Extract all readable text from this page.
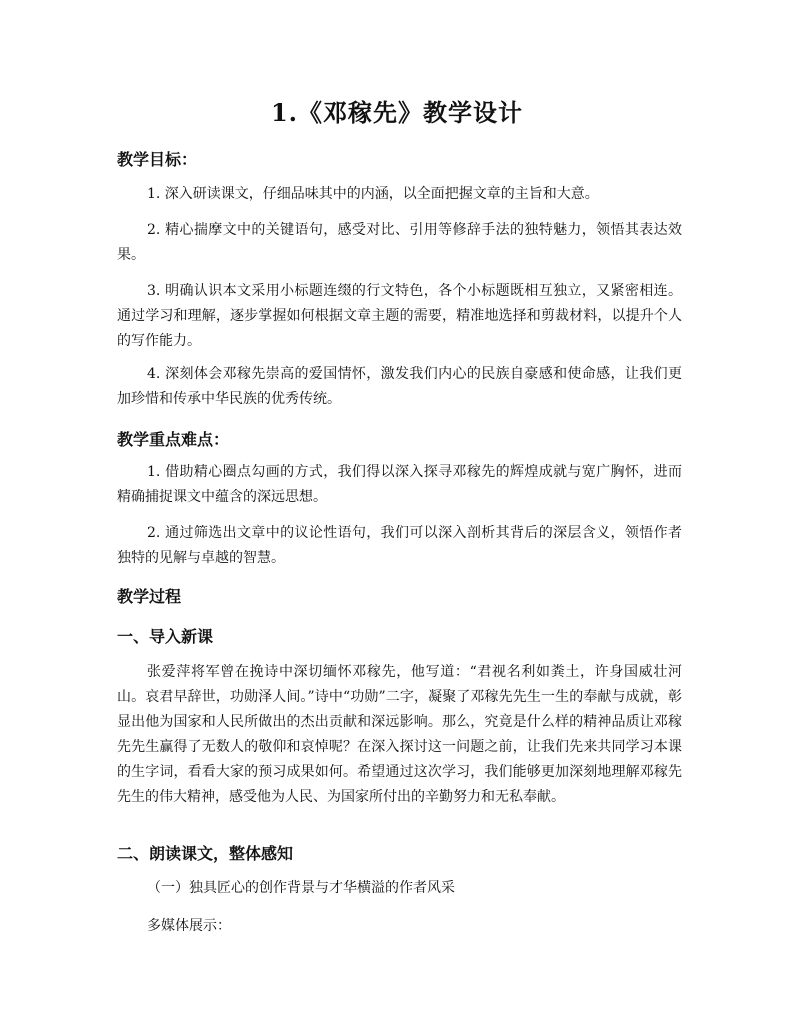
1.《邓稼先》教学设计
教学目标：

1. 深入研读课文，仔细品味其中的内涵，以全面把握文章的主旨和大意。

2. 精心揣摩文中的关键语句，感受对比、引用等修辞手法的独特魅力，领悟其表达效果。

3. 明确认识本文采用小标题连缀的行文特色，各个小标题既相互独立，又紧密相连。通过学习和理解，逐步掌握如何根据文章主题的需要，精准地选择和剪裁材料，以提升个人的写作能力。

4. 深刻体会邓稼先崇高的爱国情怀，激发我们内心的民族自豪感和使命感，让我们更加珍惜和传承中华民族的优秀传统。

教学重点难点：

1. 借助精心圈点勾画的方式，我们得以深入探寻邓稼先的辉煌成就与宽广胸怀，进而精确捕捉课文中蕴含的深远思想。

2. 通过筛选出文章中的议论性语句，我们可以深入剖析其背后的深层含义，领悟作者独特的见解与卓越的智慧。

教学过程
一、导入新课

张爱萍将军曾在挽诗中深切缅怀邓稼先，他写道：“君视名利如粪土，许身国威壮河山。哀君早辞世，功勋泽人间。”诗中“功勋”二字，凝聚了邓稼先先生一生的奉献与成就，彰显出他为国家和人民所做出的杰出贡献和深远影响。那么，究竟是什么样的精神品质让邓稼先先生赢得了无数人的敬仰和哀悼呢？在深入探讨这一问题之前，让我们先来共同学习本课的生字词，看看大家的预习成果如何。希望通过这次学习，我们能够更加深刻地理解邓稼先先生的伟大精神，感受他为人民、为国家所付出的辛勤努力和无私奉献。

二、朗读课文，整体感知

（一）独具匠心的创作背景与才华横溢的作者风采

多媒体展示：
